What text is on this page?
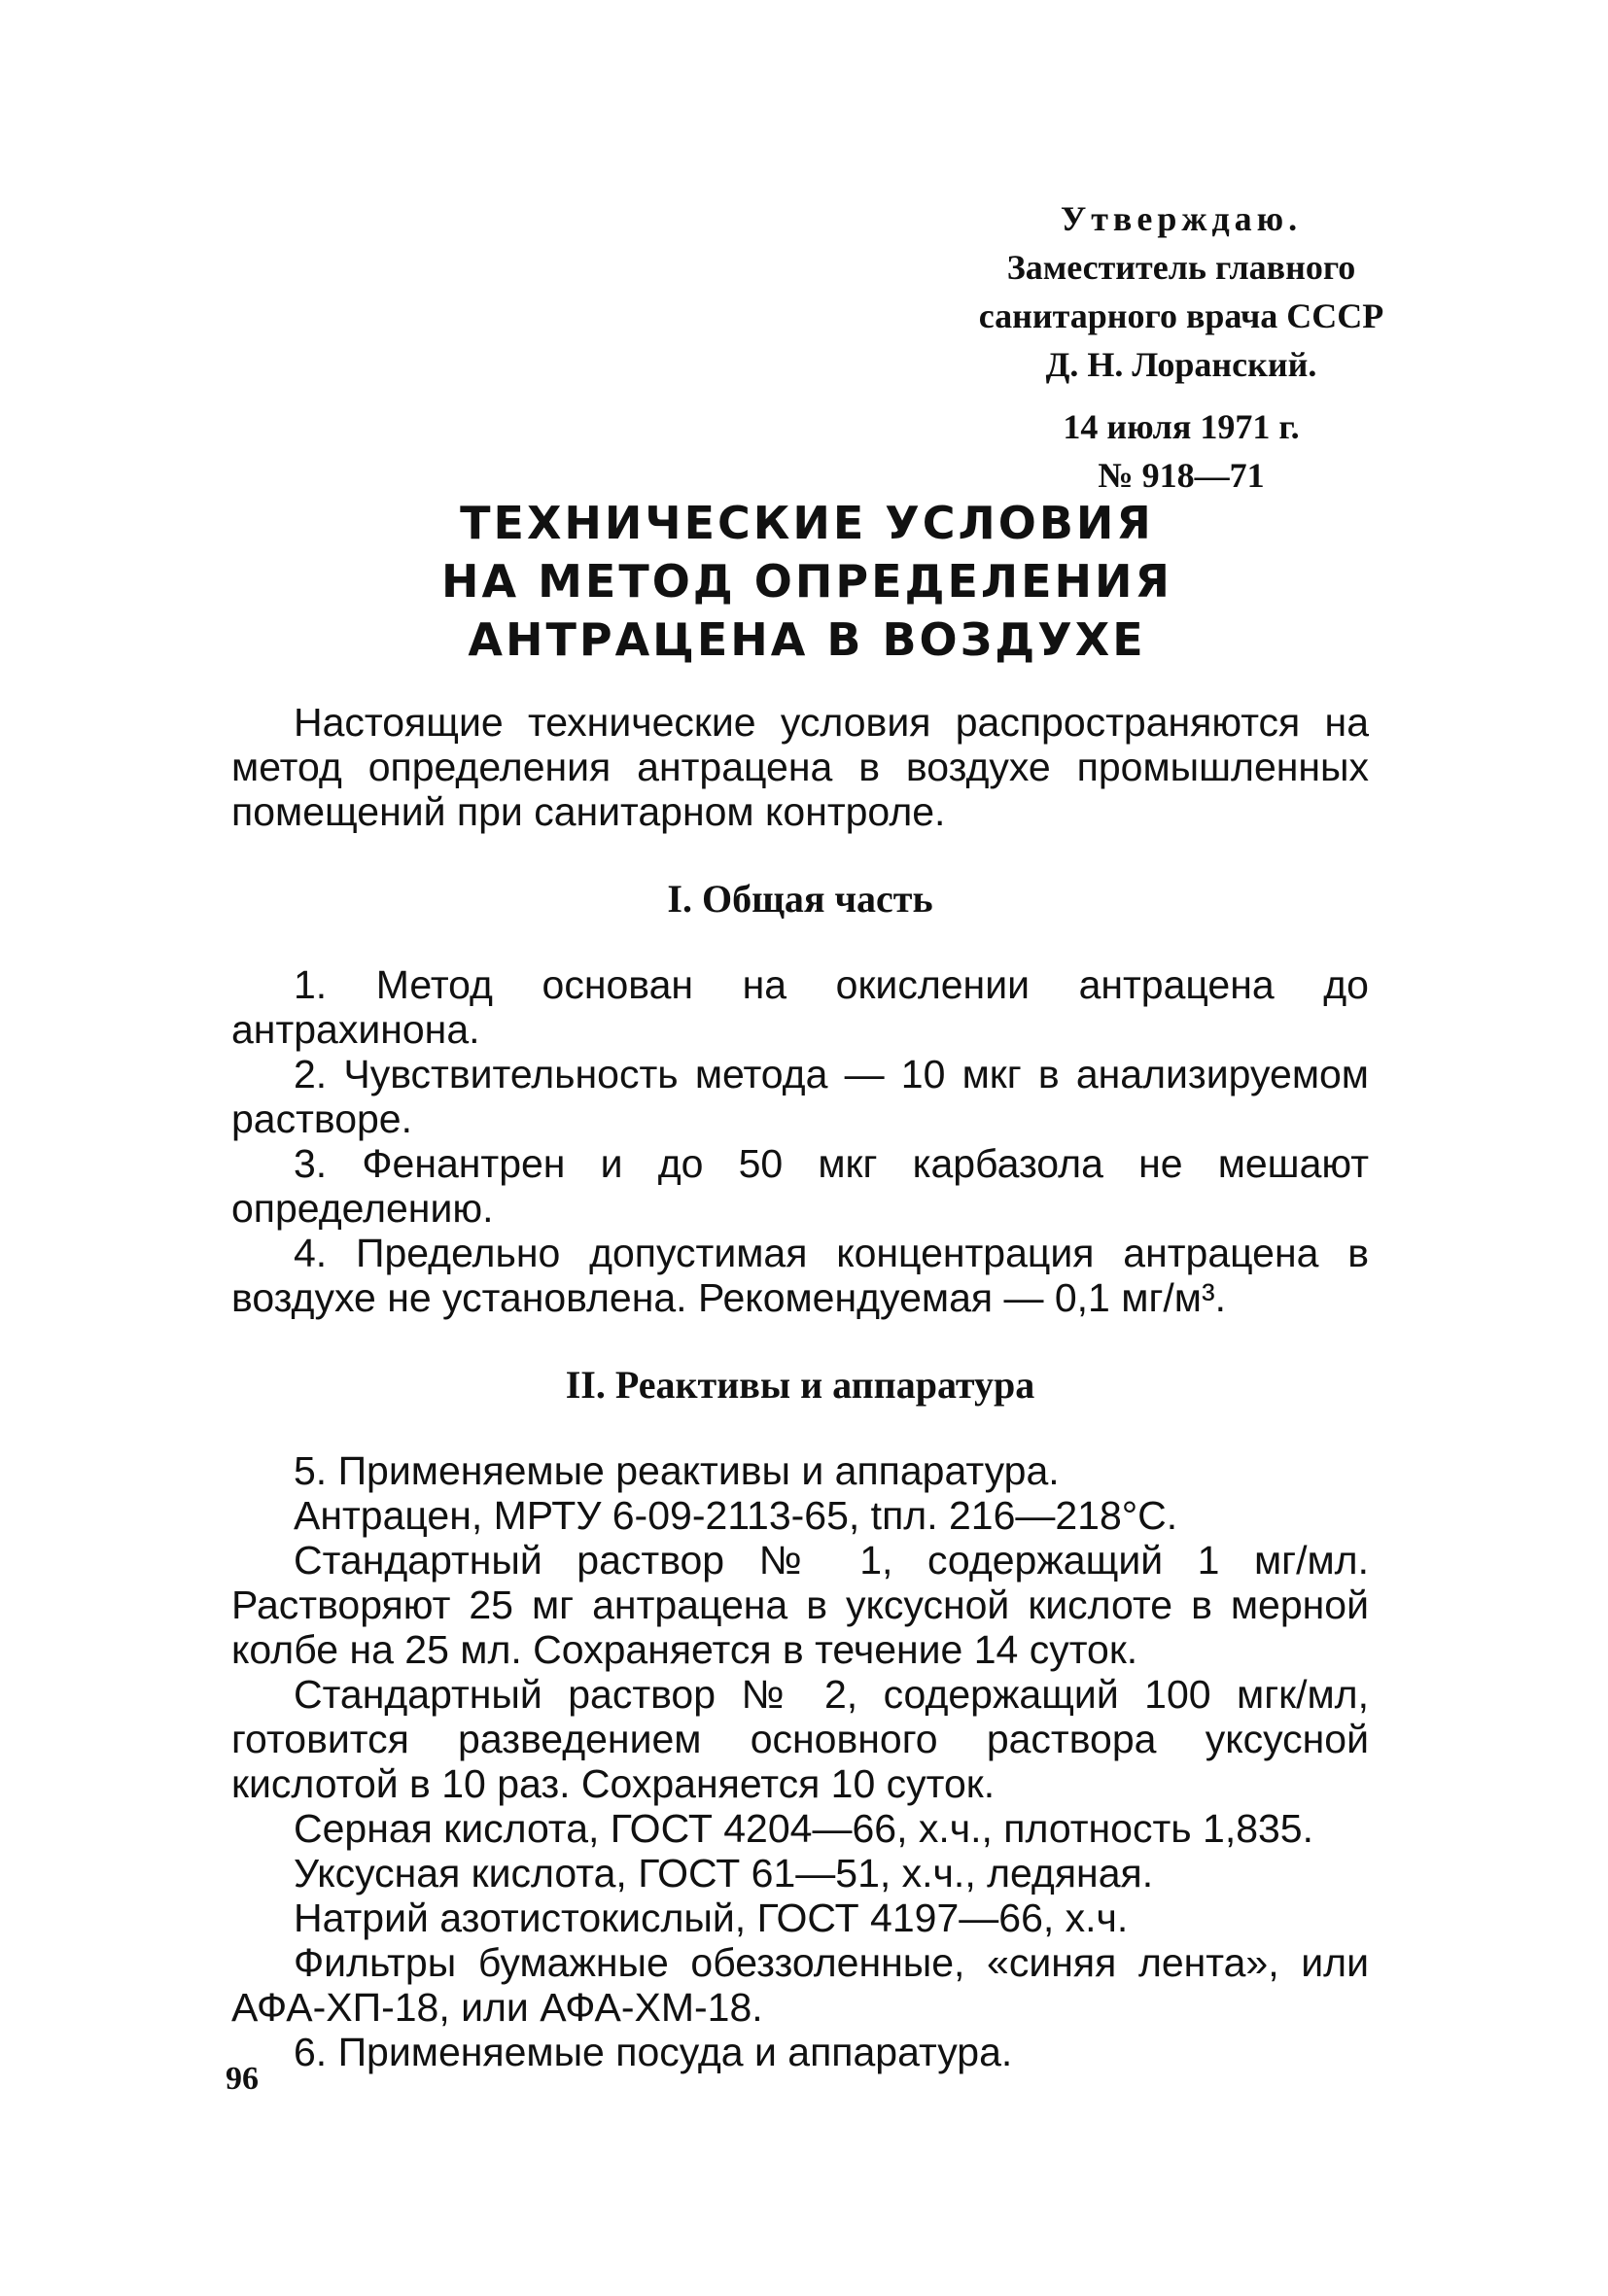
Утверждаю.
Заместитель главного
санитарного врача СССР
Д. Н. Лоранский.
14 июля 1971 г.
№ 918—71
ТЕХНИЧЕСКИЕ УСЛОВИЯ
НА МЕТОД ОПРЕДЕЛЕНИЯ
АНТРАЦЕНА В ВОЗДУХЕ

Настоящие технические условия распространяются на метод определения антрацена в воздухе промышленных помещений при санитарном контроле.

I. Общая часть

1. Метод основан на окислении антрацена до антрахинона.

2. Чувствительность метода — 10 мкг в анализируемом растворе.

3. Фенантрен и до 50 мкг карбазола не мешают определению.

4. Предельно допустимая концентрация антрацена в воздухе не установлена. Рекомендуемая — 0,1 мг/м³.

II. Реактивы и аппаратура

5. Применяемые реактивы и аппаратура.

Антрацен, МРТУ 6-09-2113-65, tпл. 216—218°С.

Стандартный раствор № 1, содержащий 1 мг/мл. Растворяют 25 мг антрацена в уксусной кислоте в мерной колбе на 25 мл. Сохраняется в течение 14 суток.

Стандартный раствор № 2, содержащий 100 мгк/мл, готовится разведением основного раствора уксусной кислотой в 10 раз. Сохраняется 10 суток.

Серная кислота, ГОСТ 4204—66, х.ч., плотность 1,835.

Уксусная кислота, ГОСТ 61—51, х.ч., ледяная.

Натрий азотистокислый, ГОСТ 4197—66, х.ч.

Фильтры бумажные обеззоленные, «синяя лента», или АФА-ХП-18, или АФА-ХМ-18.

6. Применяемые посуда и аппаратура.

96
